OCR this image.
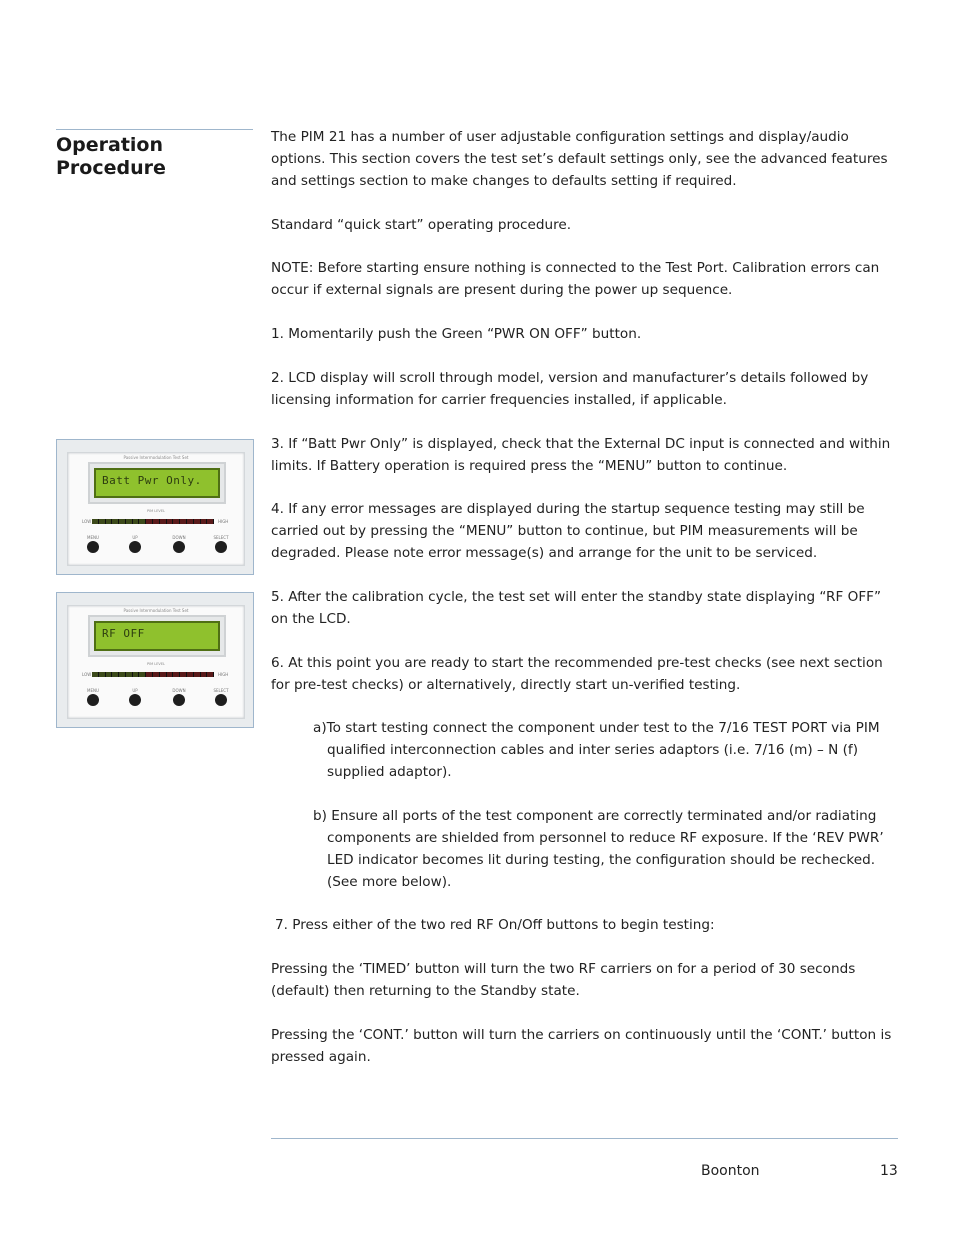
Operation Procedure

The PIM 21 has a number of user adjustable configuration settings and display/audio options. This section covers the test set’s default settings only, see the advanced features and settings section to make changes to defaults setting if required.

Standard “quick start” operating procedure.

NOTE: Before starting ensure nothing is connected to the Test Port. Calibration errors can occur if external signals are present during the power up sequence.

1. Momentarily push the Green “PWR ON OFF” button.

2. LCD display will scroll through model, version and manufacturer’s details followed by licensing information for carrier frequencies installed, if applicable.

3. If “Batt Pwr Only” is displayed, check that the External DC input is connected and within limits. If Battery operation is required press the “MENU” button to continue.

4. If any error messages are displayed during the startup sequence testing may still be carried out by pressing the “MENU” button to continue, but PIM measurements will be degraded. Please note error message(s) and arrange for the unit to be serviced.

5. After the calibration cycle, the test set will enter the standby state displaying “RF OFF” on the LCD.

6. At this point you are ready to start the recommended pre-test checks (see next section for pre-test checks) or alternatively, directly start un-verified testing.

a)To start testing connect the component under test to the 7/16 TEST PORT via PIM qualified interconnection cables and inter series adaptors (i.e. 7/16 (m) – N (f) supplied adaptor).

b) Ensure all ports of the test component are correctly terminated and/or radiating components are shielded from personnel to reduce RF exposure. If the ‘REV PWR’ LED indicator becomes lit during testing, the configuration should be rechecked. (See more below).

7. Press either of the two red RF On/Off buttons to begin testing:

Pressing the ‘TIMED’ button will turn the two RF carriers on for a period of 30 seconds (default) then returning to the Standby state.

Pressing the ‘CONT.’ button will turn the carriers on continuously until the ‘CONT.’ button is pressed again.

Passive Intermodulation Test Set
Batt Pwr Only.
PIM LEVEL
LOW	HIGH
MENU	UP	DOWN	SELECT
Passive Intermodulation Test Set
RF OFF
PIM LEVEL
LOW	HIGH
MENU	UP	DOWN	SELECT
Boonton	13
